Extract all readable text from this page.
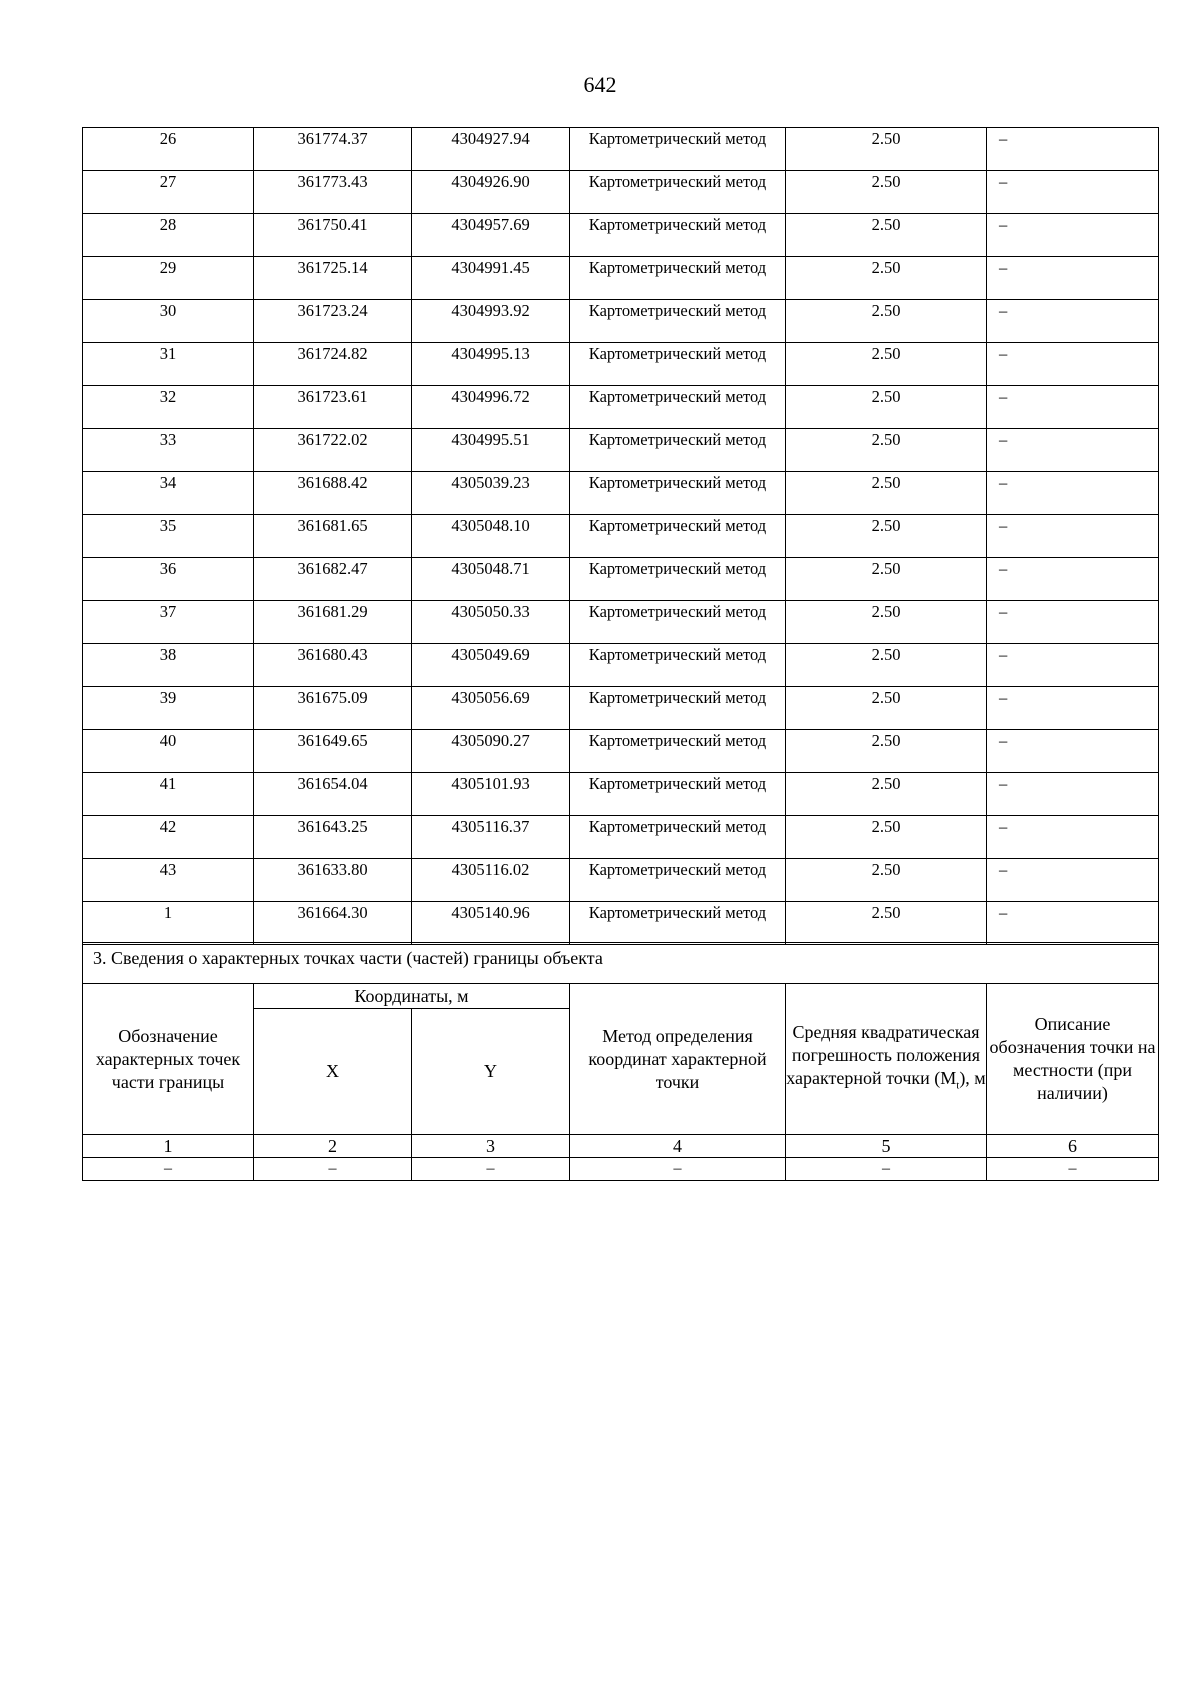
642
26	361774.37	4304927.94	Картометрический метод	2.50	–
27	361773.43	4304926.90	Картометрический метод	2.50	–
28	361750.41	4304957.69	Картометрический метод	2.50	–
29	361725.14	4304991.45	Картометрический метод	2.50	–
30	361723.24	4304993.92	Картометрический метод	2.50	–
31	361724.82	4304995.13	Картометрический метод	2.50	–
32	361723.61	4304996.72	Картометрический метод	2.50	–
33	361722.02	4304995.51	Картометрический метод	2.50	–
34	361688.42	4305039.23	Картометрический метод	2.50	–
35	361681.65	4305048.10	Картометрический метод	2.50	–
36	361682.47	4305048.71	Картометрический метод	2.50	–
37	361681.29	4305050.33	Картометрический метод	2.50	–
38	361680.43	4305049.69	Картометрический метод	2.50	–
39	361675.09	4305056.69	Картометрический метод	2.50	–
40	361649.65	4305090.27	Картометрический метод	2.50	–
41	361654.04	4305101.93	Картометрический метод	2.50	–
42	361643.25	4305116.37	Картометрический метод	2.50	–
43	361633.80	4305116.02	Картометрический метод	2.50	–
1	361664.30	4305140.96	Картометрический метод	2.50	–
3. Сведения о характерных точках части (частей) границы объекта					
Обозначение характерных точек части границы	Координаты, м		Метод определения координат характерной точки	Средняя квадратическая погрешность положения характерной точки $(M_t)$, м	Описание обозначения точки на местности (при наличии)
	X	Y			
1	2	3	4	5	6
–	–	–	–	–	–
